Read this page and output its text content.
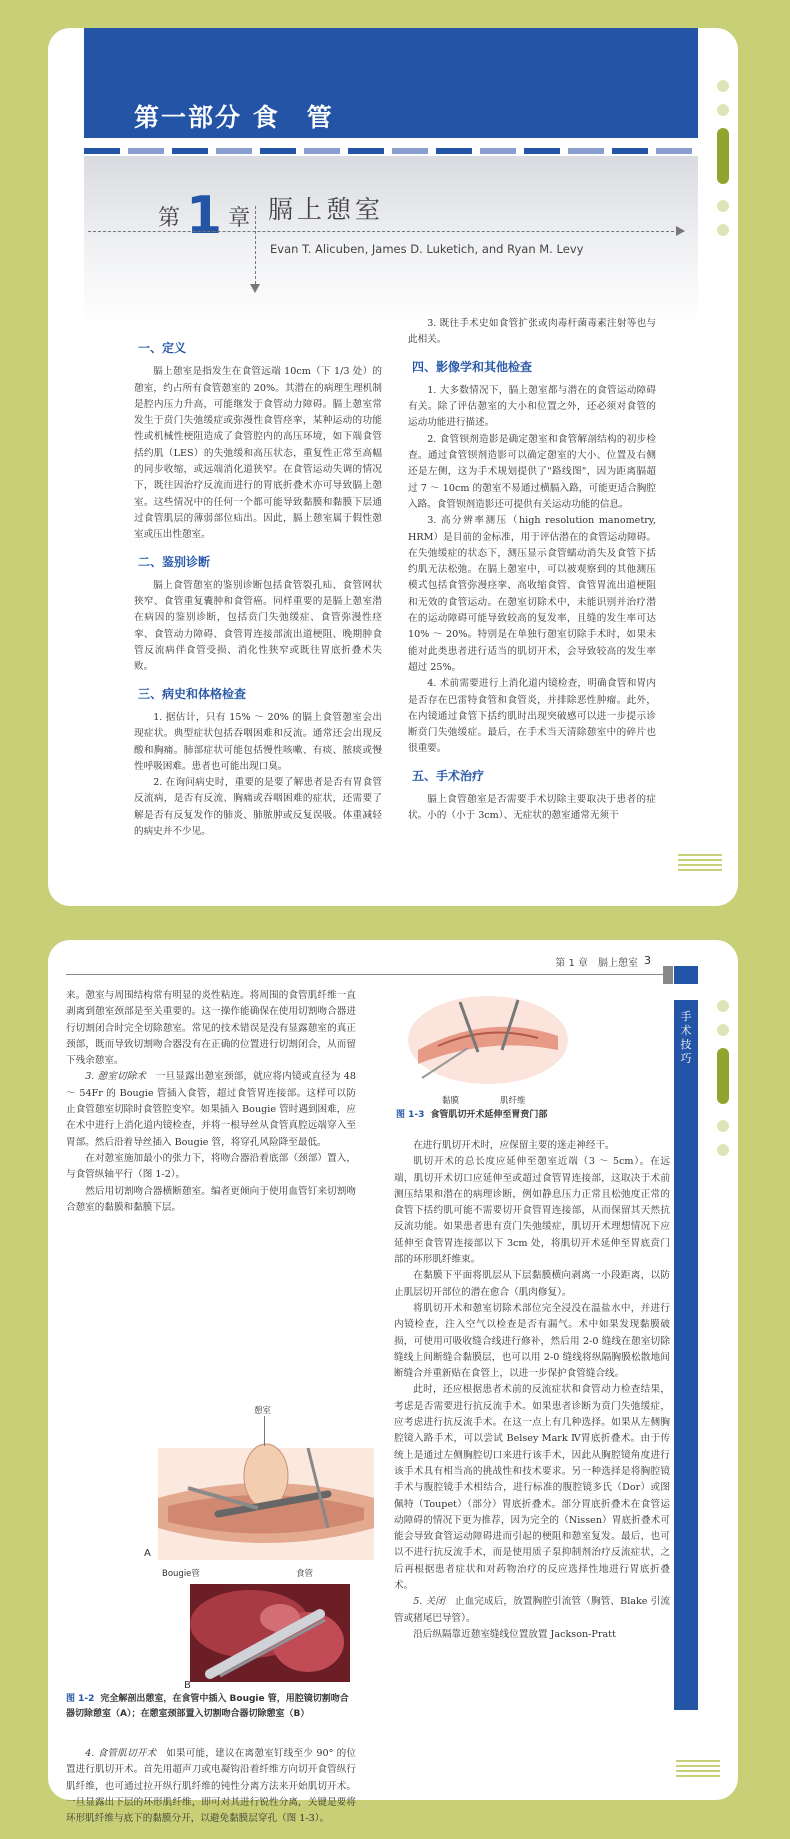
第一部分 食　管
第 1 章 膈上憩室
Evan T. Alicuben, James D. Luketich, and Ryan M. Levy
一、定义

膈上憩室是指发生在食管远端 10cm（下 1/3 处）的憩室，约占所有食管憩室的 20%。其潜在的病理生理机制是腔内压力升高，可能继发于食管动力障碍。膈上憩室常发生于贲门失弛缓症或弥漫性食管痉挛，某种运动的功能性或机械性梗阻造成了食管腔内的高压环境，如下端食管括约肌（LES）的失弛缓和高压状态，重复性正常至高幅的同步收缩，或远端消化道狭窄。在食管运动失调的情况下，既往因治疗反流而进行的胃底折叠术亦可导致膈上憩室。这些情况中的任何一个都可能导致黏膜和黏膜下层通过食管肌层的薄弱部位疝出。因此，膈上憩室属于假性憩室或压出性憩室。

二、鉴别诊断

膈上食管憩室的鉴别诊断包括食管裂孔疝、食管网状狭窄、食管重复囊肿和食管癌。同样重要的是膈上憩室潜在病因的鉴别诊断，包括贲门失弛缓症、食管弥漫性痉挛、食管动力障碍、食管胃连接部流出道梗阻、晚期肿食管反流病伴食管受损、消化性狭窄或既往胃底折叠术失败。

三、病史和体格检查

1. 据估计，只有 15% ～ 20% 的膈上食管憩室会出现症状。典型症状包括吞咽困难和反流。通常还会出现反酸和胸痛。肺部症状可能包括慢性咳嗽、有痰、脓痰或慢性呼吸困难。患者也可能出现口臭。

2. 在询问病史时，重要的是要了解患者是否有胃食管反流病，是否有反流、胸痛或吞咽困难的症状，还需要了解是否有反复发作的肺炎、肺脓肿或反复误吸。体重减轻的病史并不少见。

3. 既往手术史如食管扩张或肉毒杆菌毒素注射等也与此相关。

四、影像学和其他检查

1. 大多数情况下，膈上憩室都与潜在的食管运动障碍有关。除了评估憩室的大小和位置之外，还必须对食管的运动功能进行描述。

2. 食管钡剂造影是确定憩室和食管解剖结构的初步检查。通过食管钡剂造影可以确定憩室的大小、位置及右侧还是左侧，这为手术规划提供了"路线图"，因为距离膈超过 7 ～ 10cm 的憩室不易通过横膈入路，可能更适合胸腔入路。食管钡剂造影还可提供有关运动功能的信息。

3. 高分辨率测压（high resolution manometry, HRM）是目前的金标准，用于评估潜在的食管运动障碍。在失弛缓症的状态下，测压显示食管蠕动消失及食管下括约肌无法松弛。在膈上憩室中，可以被观察到的其他测压模式包括食管弥漫痉挛、高收缩食管、食管胃流出道梗阻和无效的食管运动。在憩室切除术中，未能识别并治疗潜在的运动障碍可能导致较高的复发率，且缝的发生率可达 10% ～ 20%。特别是在单独行憩室切除手术时，如果未能对此类患者进行适当的肌切开术，会导致较高的发生率超过 25%。

4. 术前需要进行上消化道内镜检查，明确食管和胃内是否存在巴雷特食管和食管炎，并排除恶性肿瘤。此外，在内镜通过食管下括约肌时出现突破感可以进一步提示诊断贲门失弛缓症。最后，在手术当天清除憩室中的碎片也很重要。

五、手术治疗

膈上食管憩室是否需要手术切除主要取决于患者的症状。小的（小于 3cm）、无症状的憩室通常无须干

第 1 章　膈上憩室 3
手术技巧

来。憩室与周围结构常有明显的炎性粘连。将周围的食管肌纤维一直剥离到憩室颈部是至关重要的。这一操作能确保在使用切割吻合器进行切割闭合时完全切除憩室。常见的技术错误是没有显露憩室的真正颈部，既而导致切割吻合器没有在正确的位置进行切割闭合，从而留下残余憩室。

3. 憩室切除术　 一旦显露出憩室颈部，就应将内镜或直径为 48 ～ 54Fr 的 Bougie 管插入食管，超过食管胃连接部。这样可以防止食管憩室切除时食管腔变窄。如果插入 Bougie 管时遇到困难，应在术中进行上消化道内镜检查，并将一根导丝从食管真腔远端穿入至胃部。然后沿着导丝插入 Bougie 管，将穿孔风险降至最低。

在对憩室施加最小的张力下，将吻合器沿着底部（颈部）置入，与食管纵轴平行（图 1-2）。

然后用切割吻合器横断憩室。编者更倾向于使用血管钉来切割吻合憩室的黏膜和黏膜下层。

憩室
Bougie管	食管
A
B
图 1-2 完全解剖出憩室，在食管中插入 Bougie 管，用腔镜切割吻合器切除憩室（A）；在憩室颈部置入切割吻合器切除憩室（B）

4. 食管肌切开术　 如果可能，建议在离憩室钉线至少 90° 的位置进行肌切开术。首先用超声刀或电凝钩沿着纤维方向切开食管纵行肌纤维，也可通过拉开纵行肌纤维的钝性分离方法来开始肌切开术。一旦显露出下层的环形肌纤维，即可对其进行锐性分离，关键是要将环形肌纤维与底下的黏膜分开，以避免黏膜层穿孔（图 1-3）。

黏膜	肌纤维
图 1-3 食管肌切开术延伸至胃贲门部

在进行肌切开术时，应保留主要的迷走神经干。

肌切开术的总长度应延伸至憩室近端（3 ～ 5cm）。在远端，肌切开术切口应延伸至或超过食管胃连接部，这取决于术前测压结果和潜在的病理诊断，例如静息压力正常且松弛度正常的食管下括约肌可能不需要切开食管胃连接部，从而保留其天然抗反流功能。如果患者患有贲门失弛缓症，肌切开术理想情况下应延伸至食管胃连接部以下 3cm 处，将肌切开术延伸至胃底贲门部的环形肌纤维束。

在黏膜下平面将肌层从下层黏膜横向剥离一小段距离，以防止肌层切开部位的潜在愈合（肌肉修复）。

将肌切开术和憩室切除术部位完全浸没在温盐水中，并进行内镜检查，注入空气以检查是否有漏气。术中如果发现黏膜破损，可使用可吸收缝合线进行修补，然后用 2-0 缝线在憩室切除缝线上间断缝合黏膜层，也可以用 2-0 缝线将纵隔胸膜松散地间断缝合并重新贴在食管上，以进一步保护食管缝合线。

此时，还应根据患者术前的反流症状和食管动力检查结果，考虑是否需要进行抗反流手术。如果患者诊断为贲门失弛缓症，应考虑进行抗反流手术。在这一点上有几种选择。如果从左侧胸腔镜入路手术，可以尝试 Belsey Mark Ⅳ胃底折叠术。由于传统上是通过左侧胸腔切口来进行该手术，因此从胸腔镜角度进行该手术具有相当高的挑战性和技术要求。另一种选择是将胸腔镜手术与腹腔镜手术相结合，进行标准的腹腔镜多氏（Dor）或图佩特（Toupet）（部分）胃底折叠术。部分胃底折叠术在食管运动障碍的情况下更为推荐，因为完全的（Nissen）胃底折叠术可能会导致食管运动障碍进而引起的梗阻和憩室复发。最后，也可以不进行抗反流手术，而是使用质子泵抑制剂治疗反流症状，之后再根据患者症状和对药物治疗的反应选择性地进行胃底折叠术。

5. 关闭　 止血完成后，放置胸腔引流管（胸管、Blake 引流管或猪尾巴导管）。

沿后纵隔靠近憩室缝线位置放置 Jackson-Pratt
